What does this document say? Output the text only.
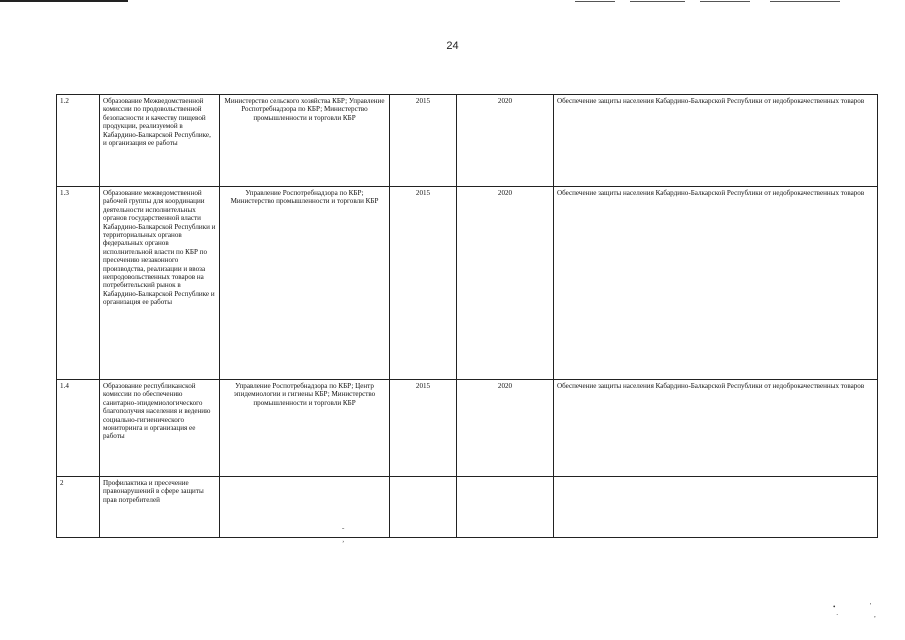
24
1.2	Образование Межведомственной комиссии по продовольственной безопасности и качеству пищевой продукции, реализуемой в Кабардино-Балкарской Республике, и организация ее работы	Министерство сельского хозяйства КБР; Управление Роспотребнадзора по КБР; Министерство промышленности и торговли КБР	2015	2020	Обеспечение защиты населения Кабардино-Балкарской Республики от недоброкачественных товаров
1.3	Образование межведомственной рабочей группы для координации деятельности исполнительных органов государственной власти Кабардино-Балкарской Республики и территориальных органов федеральных органов исполнительной власти по КБР по пресечению незаконного производства, реализации и ввоза непродовольственных товаров на потребительский рынок в Кабардино-Балкарской Республике и организация ее работы	Управление Роспотребнадзора по КБР; Министерство промышленности и торговли КБР	2015	2020	Обеспечение защиты населения Кабардино-Балкарской Республики от недоброкачественных товаров
1.4	Образование республиканской комиссии по обеспечению санитарно-эпидемиологического благополучия населения и ведению социально-гигиенического мониторинга и организация ее работы	Управление Роспотребнадзора по КБР; Центр эпидемиологии и гигиены КБР; Министерство промышленности и торговли КБР	2015	2020	Обеспечение защиты населения Кабардино-Балкарской Республики от недоброкачественных товаров
2	Профилактика и пресечение правонарушений в сфере защиты прав потребителей				
ˇ
¸
•	'
·	,
